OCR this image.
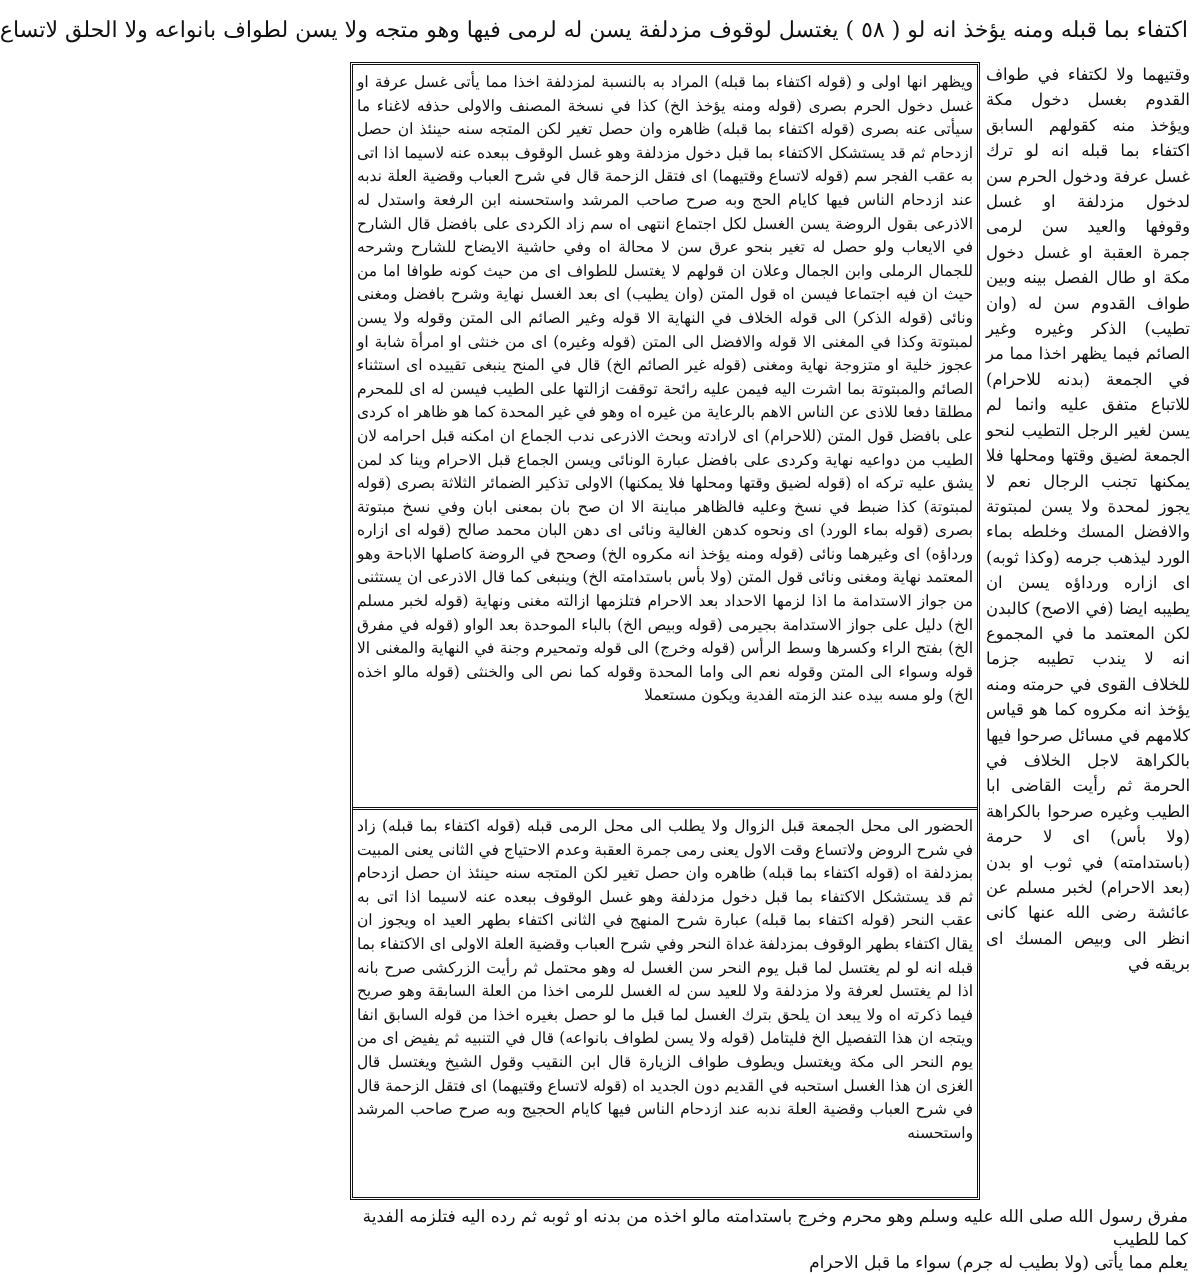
اكتفاء بما قبله ومنه يؤخذ انه لو ( ٥٨ ) يغتسل لوقوف مزدلفة يسن له لرمى فيها وهو متجه ولا يسن لطواف بانواعه ولا الحلق لاتساع
ويظهر انها اولى و (قوله اكتفاء بما قبله) المراد به بالنسبة لمزدلفة اخذا مما يأتى غسل عرفة او غسل دخول الحرم بصرى (قوله ومنه يؤخذ الخ) كذا في نسخة المصنف والاولى حذفه لاغناء ما سيأتى عنه بصرى (قوله اكتفاء بما قبله) ظاهره وان حصل تغير لكن المتجه سنه حينئذ ان حصل ازدحام ثم قد يستشكل الاكتفاء بما قبل دخول مزدلفة وهو غسل الوقوف ببعده عنه لاسيما اذا اتى به عقب الفجر سم (قوله لاتساع وقتيهما) اى فتقل الزحمة قال في شرح العباب وقضية العلة ندبه عند ازدحام الناس فيها كايام الحج وبه صرح صاحب المرشد واستحسنه ابن الرفعة واستدل له الاذرعى بقول الروضة يسن الغسل لكل اجتماع انتهى اه سم زاد الكردى على بافضل قال الشارح في الايعاب ولو حصل له تغير بنحو عرق سن لا محالة اه وفي حاشية الايضاح للشارح وشرحه للجمال الرملى وابن الجمال وعلان ان قولهم لا يغتسل للطواف اى من حيث كونه طوافا اما من حيث ان فيه اجتماعا فيسن اه قول المتن (وان يطيب) اى بعد الغسل نهاية وشرح بافضل ومغنى ونائى (قوله الذكر) الى قوله الخلاف في النهاية الا قوله وغير الصائم الى المتن وقوله ولا يسن لمبتوتة وكذا في المغنى الا قوله والافضل الى المتن (قوله وغيره) اى من خنثى او امرأة شابة او عجوز خلية او متزوجة نهاية ومغنى (قوله غير الصائم الخ) قال في المنح ينبغى تقييده اى استثناء الصائم والمبتوتة بما اشرت اليه فيمن عليه رائحة توقفت ازالتها على الطيب فيسن له اى للمحرم مطلقا دفعا للاذى عن الناس الاهم بالرعاية من غيره اه وهو في غير المحدة كما هو ظاهر اه كردى على بافضل قول المتن (للاحرام) اى لارادته وبحث الاذرعى ندب الجماع ان امكنه قبل احرامه لان الطيب من دواعيه نهاية وكردى على بافضل عبارة الونائى ويسن الجماع قبل الاحرام وينا كد لمن يشق عليه تركه اه (قوله لضيق وقتها ومحلها فلا يمكنها) الاولى تذكير الضمائر الثلاثة بصرى (قوله لمبتوتة) كذا ضبط في نسخ وعليه فالظاهر مباينة الا ان صح بان بمعنى ابان وفي نسخ مبتوتة بصرى (قوله بماء الورد) اى ونحوه كدهن الغالية ونائى اى دهن البان محمد صالح (قوله اى ازاره ورداؤه) اى وغيرهما ونائى (قوله ومنه يؤخذ انه مكروه الخ) وصحح في الروضة كاصلها الاباحة وهو المعتمد نهاية ومغنى ونائى قول المتن (ولا بأس باستدامته الخ) وينبغى كما قال الاذرعى ان يستثنى من جواز الاستدامة ما اذا لزمها الاحداد بعد الاحرام فتلزمها ازالته مغنى ونهاية (قوله لخبر مسلم الخ) دليل على جواز الاستدامة بجيرمى (قوله وبيص الخ) بالباء الموحدة بعد الواو (قوله في مفرق الخ) بفتح الراء وكسرها وسط الرأس (قوله وخرج) الى قوله وتمحيرم وجنة في النهاية والمغنى الا قوله وسواء الى المتن وقوله نعم الى واما المحدة وقوله كما نص الى والخنثى (قوله مالو اخذه الخ) ولو مسه بيده عند الزمته الفدية ويكون مستعملا
الحضور الى محل الجمعة قبل الزوال ولا يطلب الى محل الرمى قبله (قوله اكتفاء بما قبله) زاد في شرح الروض ولاتساع وقت الاول يعنى رمى جمرة العقبة وعدم الاحتياج في الثانى يعنى المبيت بمزدلفة اه (قوله اكتفاء بما قبله) ظاهره وان حصل تغير لكن المتجه سنه حينئذ ان حصل ازدحام ثم قد يستشكل الاكتفاء بما قبل دخول مزدلفة وهو غسل الوقوف ببعده عنه لاسيما اذا اتى به عقب النحر (قوله اكتفاء بما قبله) عبارة شرح المنهج في الثانى اكتفاء بطهر العيد اه ويجوز ان يقال اكتفاء بطهر الوقوف بمزدلفة غداة النحر وفي شرح العباب وقضية العلة الاولى اى الاكتفاء بما قبله انه لو لم يغتسل لما قبل يوم النحر سن الغسل له وهو محتمل ثم رأيت الزركشى صرح بانه اذا لم يغتسل لعرفة ولا مزدلفة ولا للعيد سن له الغسل للرمى اخذا من العلة السابقة وهو صريح فيما ذكرته اه ولا يبعد ان يلحق بترك الغسل لما قبل ما لو حصل بغيره اخذا من قوله السابق انفا ويتجه ان هذا التفصيل الخ فليتامل (قوله ولا يسن لطواف بانواعه) قال في التنبيه ثم يفيض اى من يوم النحر الى مكة ويغتسل ويطوف طواف الزيارة قال ابن النقيب وقول الشيخ ويغتسل قال الغزى ان هذا الغسل استحبه في القديم دون الجديد اه (قوله لاتساع وقتيهما) اى فتقل الزحمة قال في شرح العباب وقضية العلة ندبه عند ازدحام الناس فيها كايام الحجيج وبه صرح صاحب المرشد واستحسنه
وقتيهما ولا لكتفاء في طواف القدوم بغسل دخول مكة ويؤخذ منه كقولهم السابق اكتفاء بما قبله انه لو ترك غسل عرفة ودخول الحرم سن لدخول مزدلفة او غسل وقوفها والعيد سن لرمى جمرة العقبة او غسل دخول مكة او طال الفصل بينه وبين طواف القدوم سن له (وان تطيب) الذكر وغيره وغير الصائم فيما يظهر اخذا مما مر في الجمعة (بدنه للاحرام) للاتباع متفق عليه وانما لم يسن لغير الرجل التطيب لنحو الجمعة لضيق وقتها ومحلها فلا يمكنها تجنب الرجال نعم لا يجوز لمحدة ولا يسن لمبتوتة والافضل المسك وخلطه بماء الورد ليذهب جرمه (وكذا ثوبه) اى ازاره ورداؤه يسن ان يطيبه ايضا (في الاصح) كالبدن لكن المعتمد ما في المجموع انه لا يندب تطيبه جزما للخلاف القوى في حرمته ومنه يؤخذ انه مكروه كما هو قياس كلامهم في مسائل صرحوا فيها بالكراهة لاجل الخلاف في الحرمة ثم رأيت القاضى ابا الطيب وغيره صرحوا بالكراهة (ولا بأس) اى لا حرمة (باستدامته) في ثوب او بدن (بعد الاحرام) لخبر مسلم عن عائشة رضى الله عنها كانى انظر الى وبيص المسك اى بريقه في

مفرق رسول الله صلى الله عليه وسلم وهو محرم وخرج باستدامته مالو اخذه من بدنه او ثوبه ثم رده اليه فتلزمه الفدية كما للطيب

يعلم مما يأتى (ولا بطيب له جرم) سواء ما قبل الاحرام
